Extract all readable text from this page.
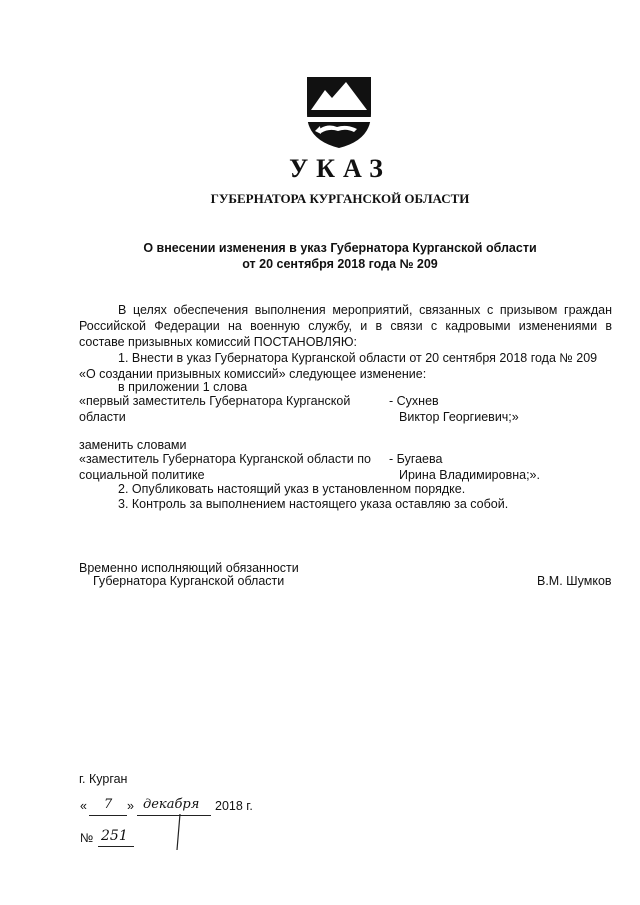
УКАЗ
ГУБЕРНАТОРА КУРГАНСКОЙ ОБЛАСТИ
О внесении изменения в указ Губернатора Курганской области
от 20 сентября 2018 года № 209
В целях обеспечения выполнения мероприятий, связанных с призывом граждан
Российской Федерации на военную службу, и в связи с кадровыми изменениями в
составе призывных комиссий ПОСТАНОВЛЯЮ:
1. Внести в указ Губернатора Курганской области от 20 сентября 2018 года № 209
«О создании призывных комиссий» следующее изменение:
в приложении 1 слова
«первый заместитель Губернатора Курганской
области
- Сухнев
Виктор Георгиевич;»
заменить словами
«заместитель Губернатора Курганской области по
социальной политике
- Бугаева
Ирина Владимировна;».
2. Опубликовать настоящий указ в установленном порядке.
3. Контроль за выполнением настоящего указа оставляю за собой.
Временно исполняющий обязанности
Губернатора Курганской области	В.М. Шумков
г. Курган
« 7 » декабря 2018 г.
№ 251
